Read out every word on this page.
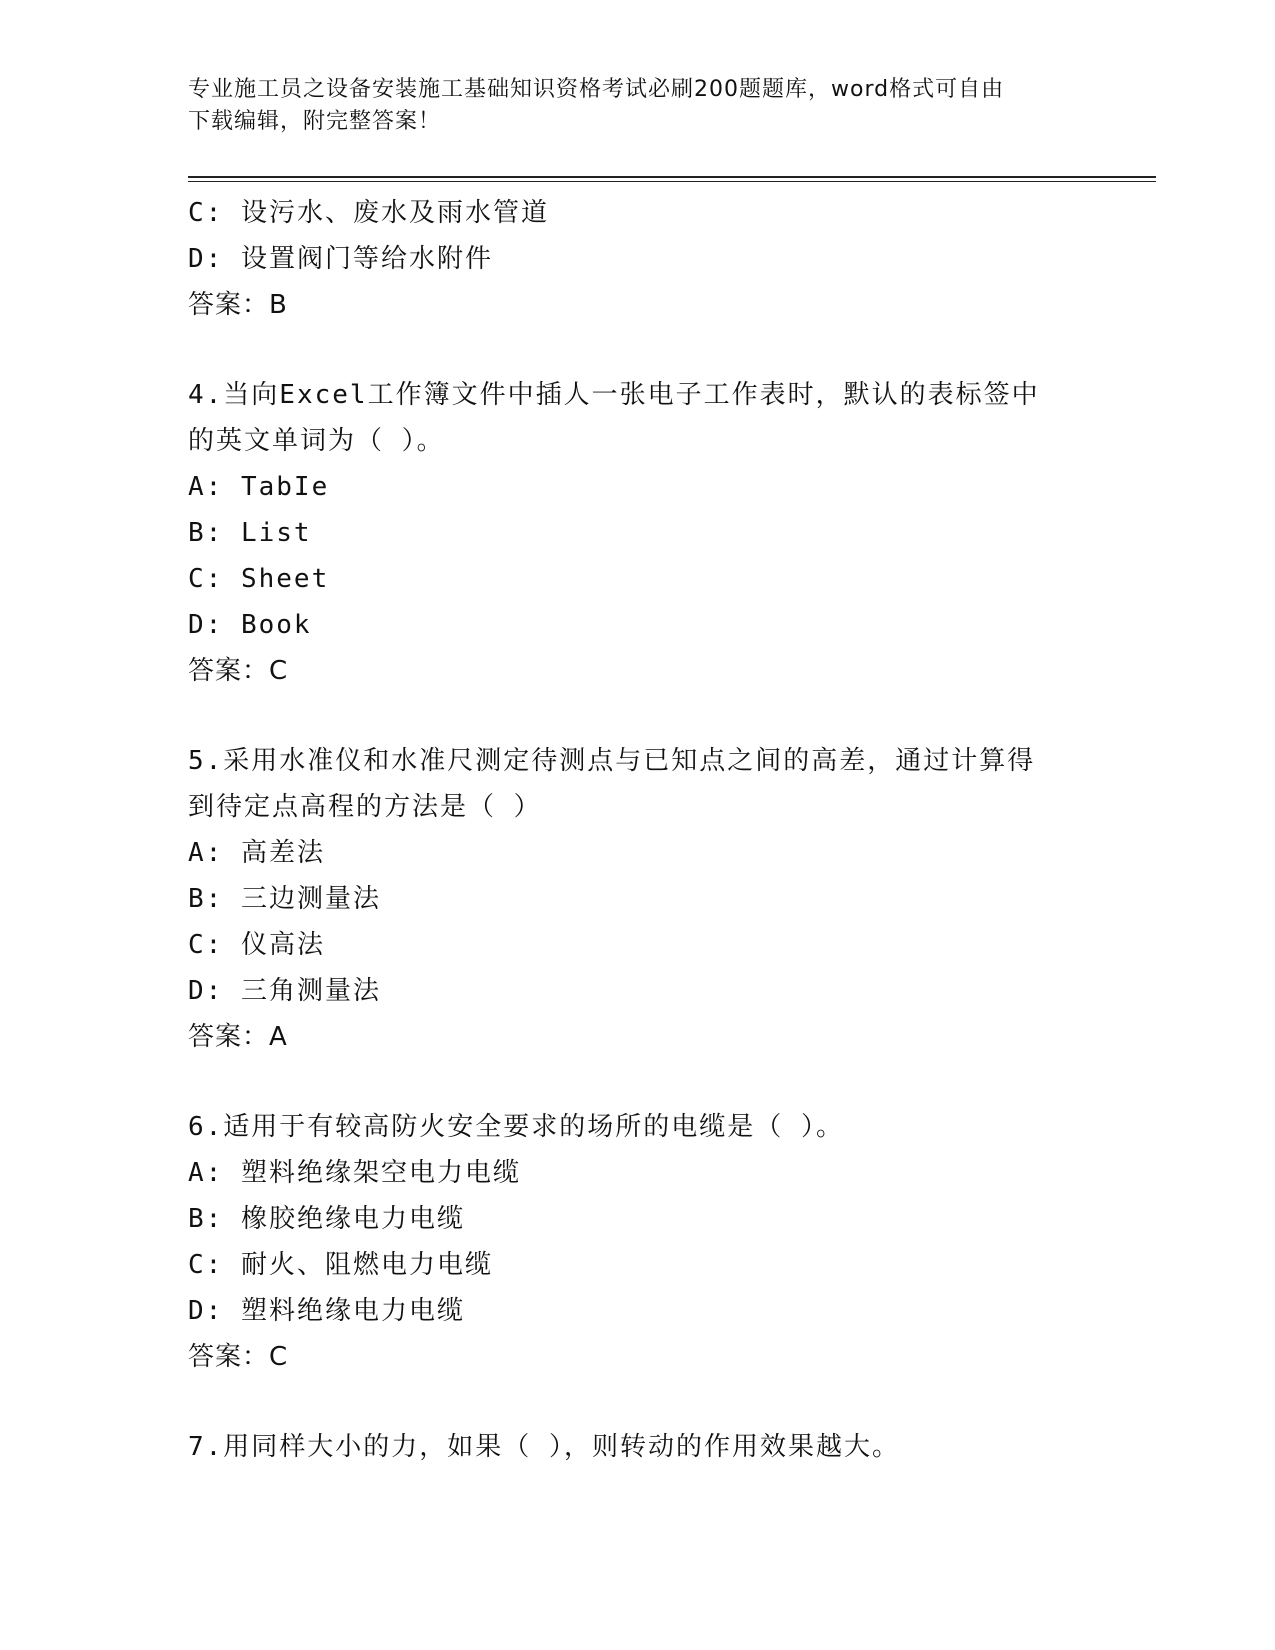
专业施工员之设备安装施工基础知识资格考试必刷200题题库，word格式可自由
下载编辑，附完整答案！
C: 设污水、废水及雨水管道
D: 设置阀门等给水附件
答案：B
4.当向Excel工作簿文件中插人一张电子工作表时，默认的表标签中
的英文单词为（ ）。
A: TabIe
B: List
C: Sheet
D: Book
答案：C
5.采用水准仪和水准尺测定待测点与已知点之间的高差，通过计算得
到待定点高程的方法是（ ）
A: 高差法
B: 三边测量法
C: 仪高法
D: 三角测量法
答案：A
6.适用于有较高防火安全要求的场所的电缆是（ ）。
A: 塑料绝缘架空电力电缆
B: 橡胶绝缘电力电缆
C: 耐火、阻燃电力电缆
D: 塑料绝缘电力电缆
答案：C
7.用同样大小的力，如果（ ），则转动的作用效果越大。
